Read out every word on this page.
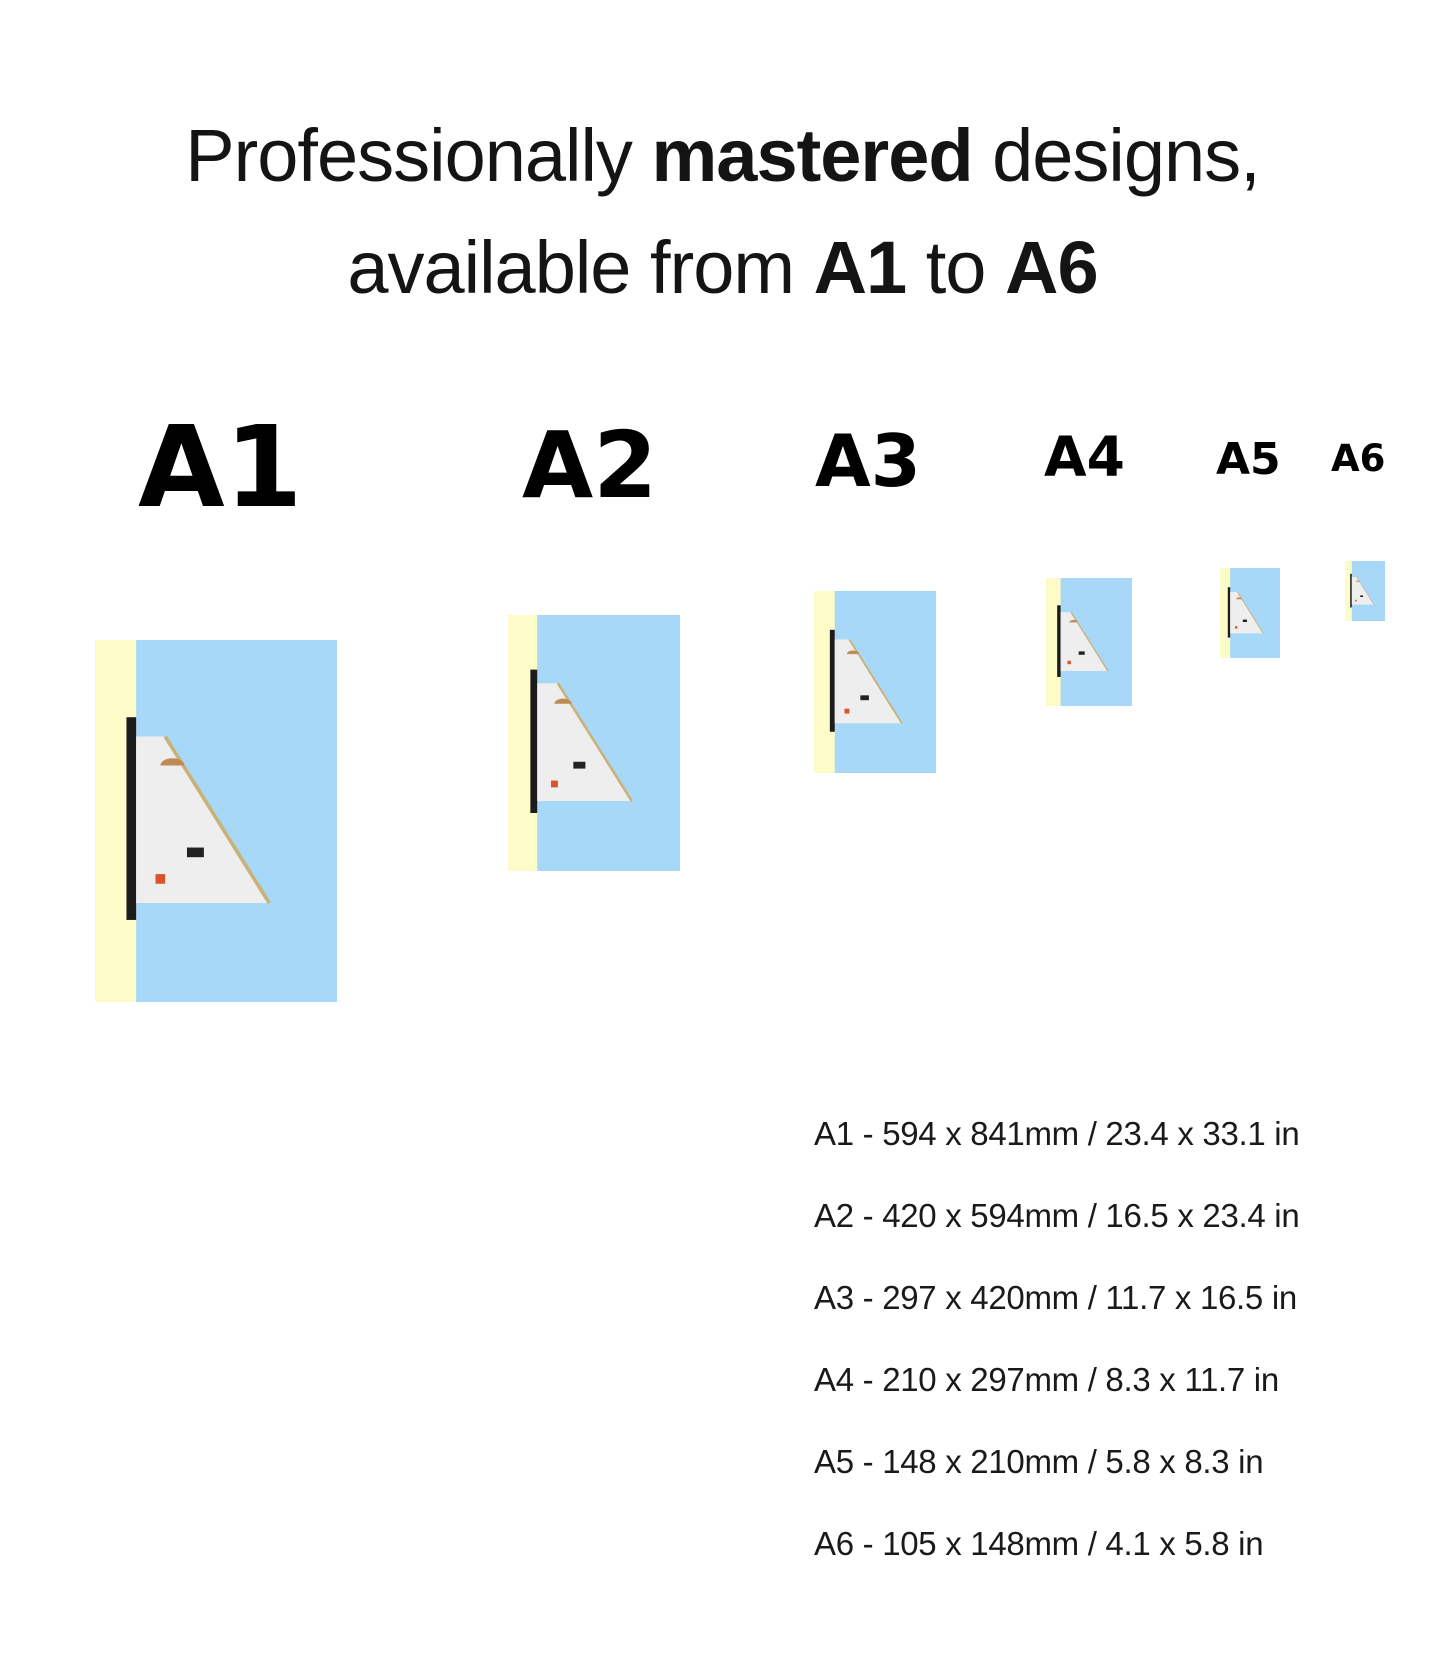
Professionally mastered designs,
available from A1 to A6
A1 A2 A3 A4 A5 A6
A1 - 594 x 841mm / 23.4 x 33.1 in
A2 - 420 x 594mm / 16.5 x 23.4 in
A3 - 297 x 420mm / 11.7 x 16.5 in
A4 - 210 x 297mm / 8.3 x 11.7 in
A5 - 148 x 210mm / 5.8 x 8.3 in
A6 - 105 x 148mm / 4.1 x 5.8 in
